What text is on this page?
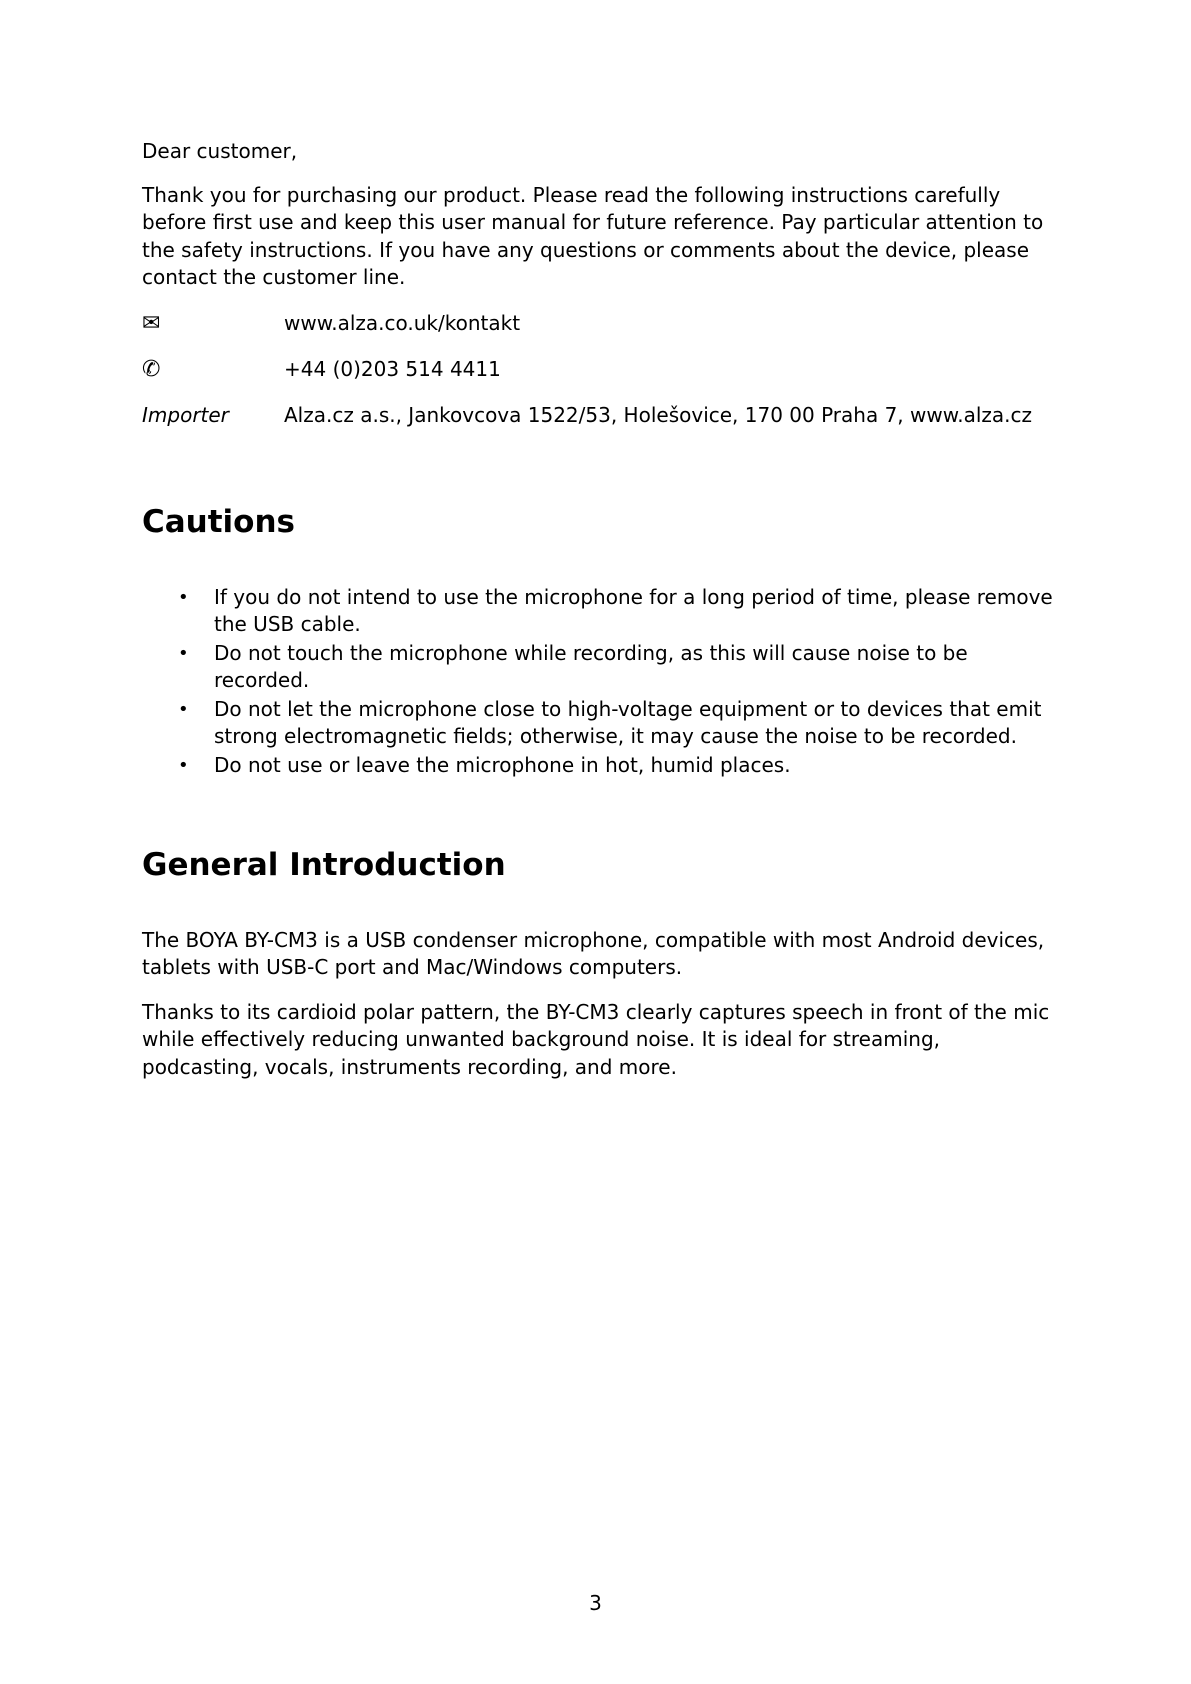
Dear customer,

Thank you for purchasing our product. Please read the following instructions carefully before first use and keep this user manual for future reference. Pay particular attention to the safety instructions. If you have any questions or comments about the device, please contact the customer line.

✉	www.alza.co.uk/kontakt
✆	+44 (0)203 514 4411
Importer	Alza.cz a.s., Jankovcova 1522/53, Holešovice, 170 00 Praha 7, www.alza.cz
Cautions
• If you do not intend to use the microphone for a long period of time, please remove the USB cable.
• Do not touch the microphone while recording, as this will cause noise to be recorded.
• Do not let the microphone close to high-voltage equipment or to devices that emit strong electromagnetic fields; otherwise, it may cause the noise to be recorded.
• Do not use or leave the microphone in hot, humid places.
General Introduction

The BOYA BY-CM3 is a USB condenser microphone, compatible with most Android devices, tablets with USB-C port and Mac/Windows computers.

Thanks to its cardioid polar pattern, the BY-CM3 clearly captures speech in front of the mic while effectively reducing unwanted background noise. It is ideal for streaming, podcasting, vocals, instruments recording, and more.

3
